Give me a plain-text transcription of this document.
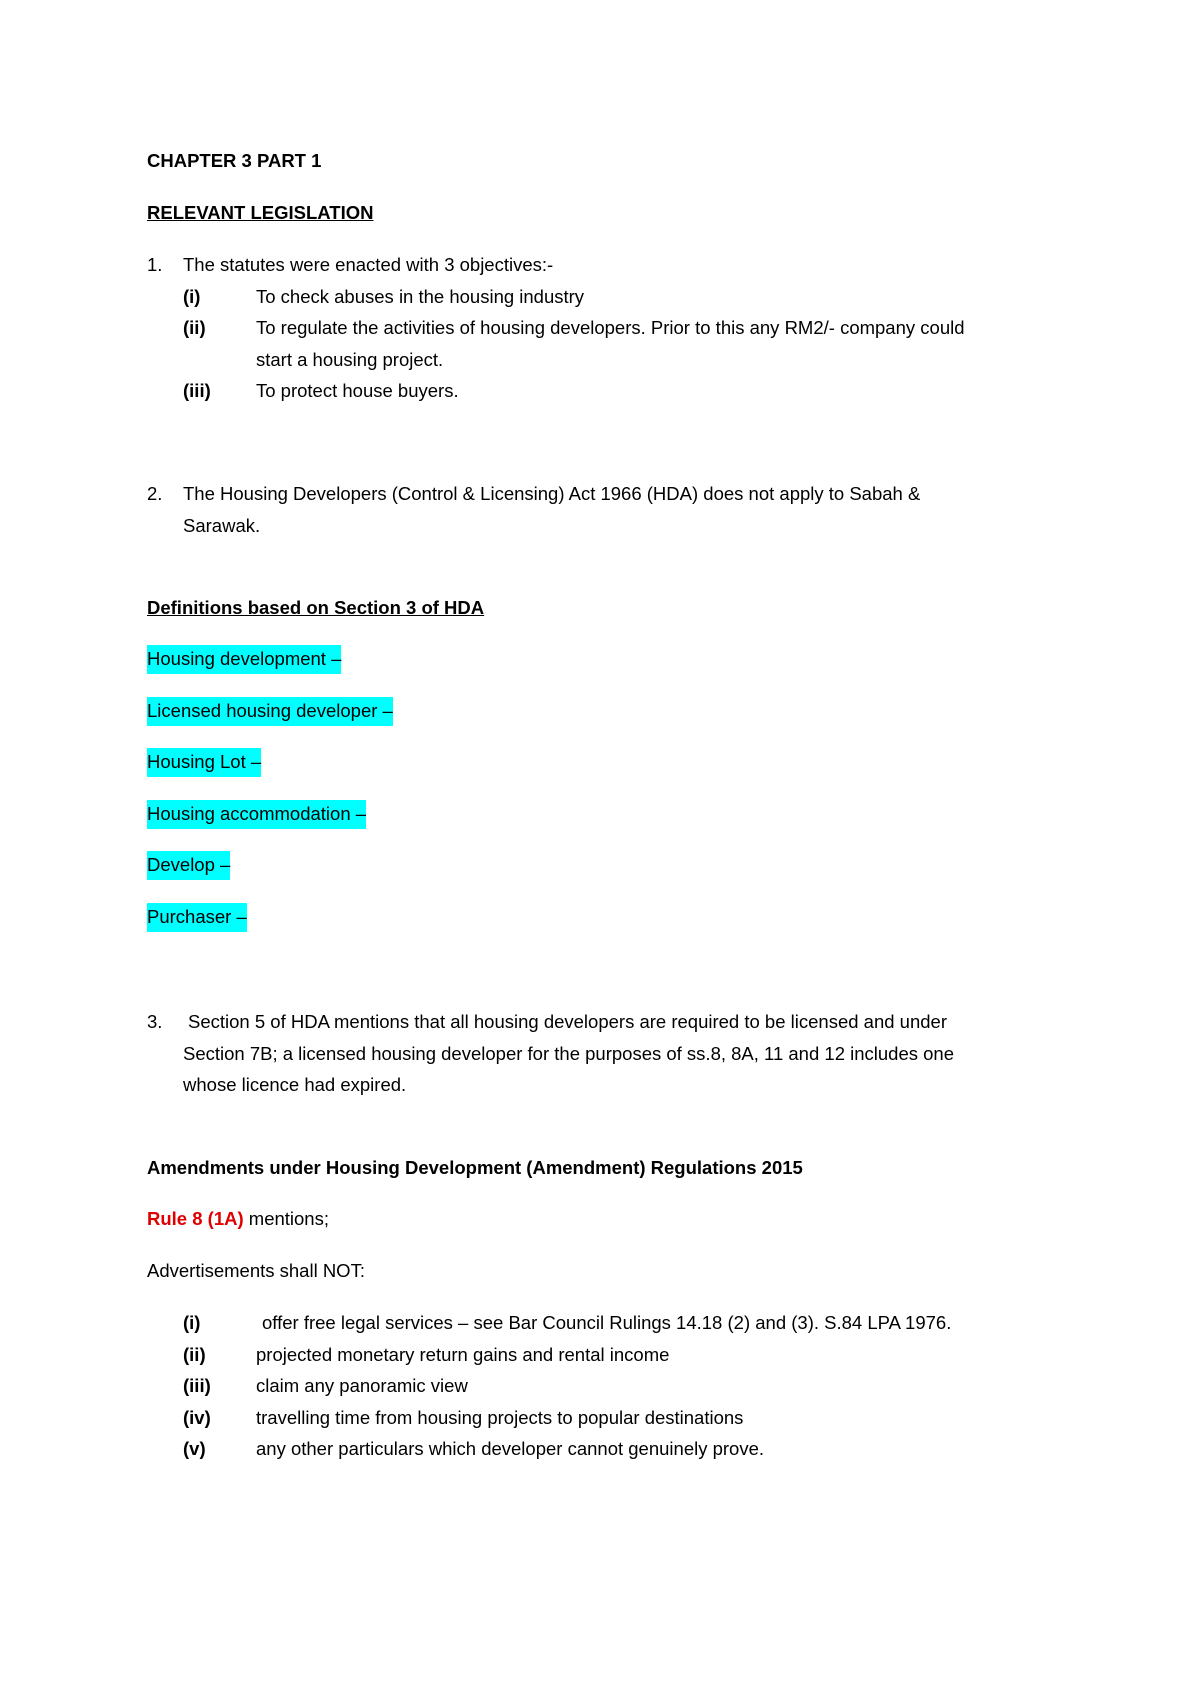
CHAPTER 3 PART 1
RELEVANT LEGISLATION
1. The statutes were enacted with 3 objectives:-
(i)	To check abuses in the housing industry
(ii)	To regulate the activities of housing developers. Prior to this any RM2/- company could
start a housing project.
(iii) To protect house buyers.
2. The Housing Developers (Control & Licensing) Act 1966 (HDA) does not apply to Sabah &
Sarawak.
Definitions based on Section 3 of HDA
Housing development –
Licensed housing developer –
Housing Lot –
Housing accommodation –
Develop –
Purchaser –
3. Section 5 of HDA mentions that all housing developers are required to be licensed and under
Section 7B; a licensed housing developer for the purposes of ss.8, 8A, 11 and 12 includes one
whose licence had expired.
Amendments under Housing Development (Amendment) Regulations 2015
Rule 8 (1A) mentions;
Advertisements shall NOT:
(i)	offer free legal services – see Bar Council Rulings 14.18 (2) and (3). S.84 LPA 1976.
(ii)	projected monetary return gains and rental income
(iii) claim any panoramic view
(iv) travelling time from housing projects to popular destinations
(v)	any other particulars which developer cannot genuinely prove.
